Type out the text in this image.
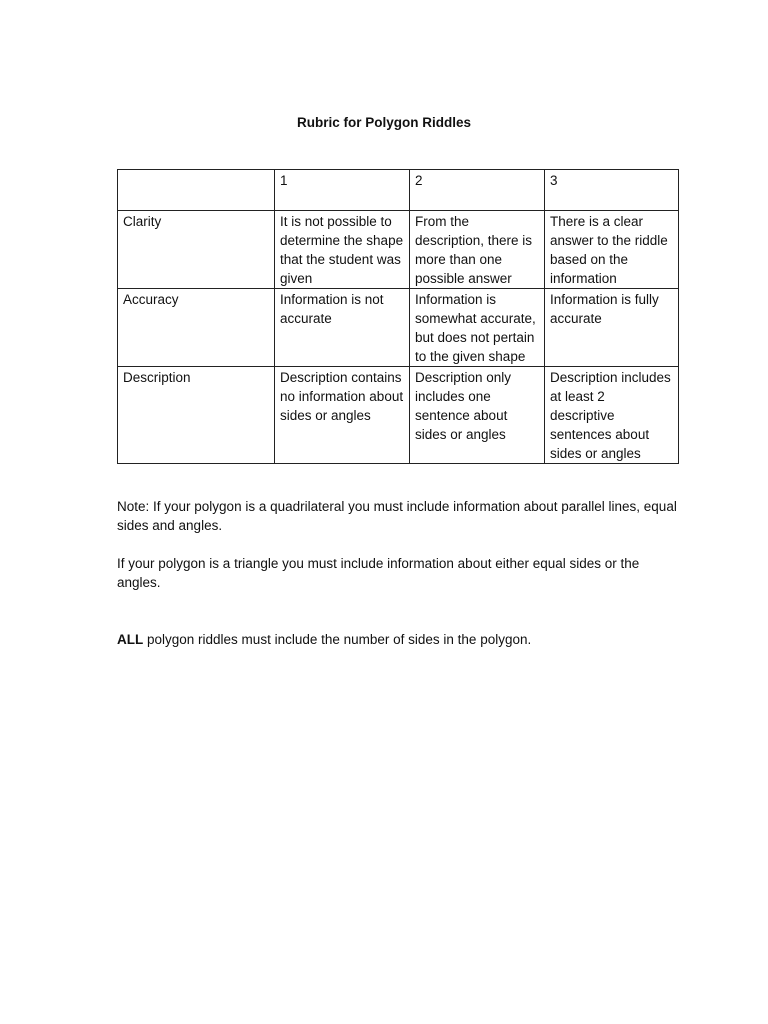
Rubric for Polygon Riddles
	1	2	3
Clarity	It is not possible to determine the shape that the student was given	From the description, there is more than one possible answer	There is a clear answer to the riddle based on the information
Accuracy	Information is not accurate	Information is somewhat accurate, but does not pertain to the given shape	Information is fully accurate
Description	Description contains no information about sides or angles	Description only includes one sentence about sides or angles	Description includes at least 2 descriptive sentences about sides or angles

Note: If your polygon is a quadrilateral you must include information about parallel lines, equal sides and angles.

If your polygon is a triangle you must include information about either equal sides or the angles.

ALL polygon riddles must include the number of sides in the polygon.
